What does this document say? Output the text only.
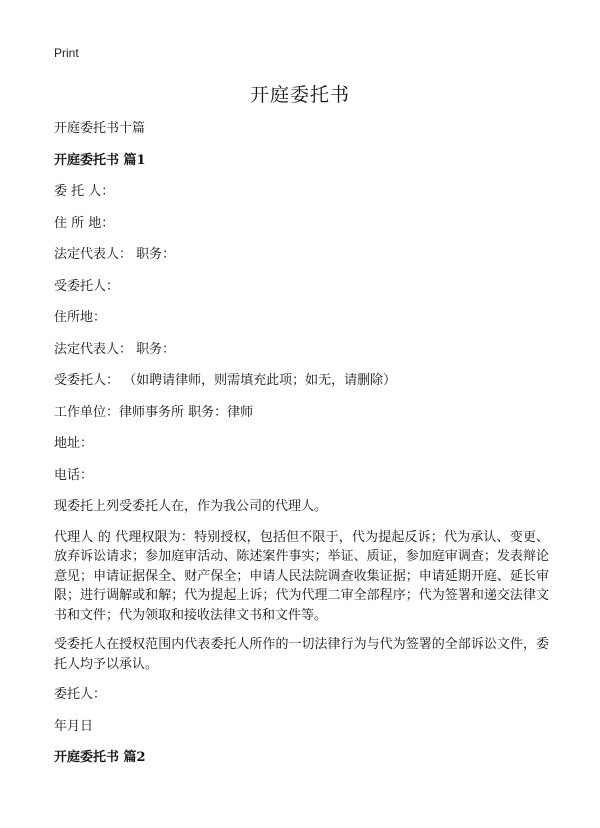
Print
开庭委托书
开庭委托书十篇
开庭委托书 篇1
委 托 人：
住 所 地：
法定代表人： 职务：
受委托人：
住所地：
法定代表人： 职务：
受委托人： （如聘请律师，则需填充此项；如无，请删除）
工作单位：律师事务所 职务：律师
地址：
电话：
现委托上列受委托人在，作为我公司的代理人。
代理人 的 代理权限为：特别授权，包括但不限于，代为提起反诉；代为承认、变更、放弃诉讼请求；参加庭审活动、陈述案件事实；举证、质证，参加庭审调查；发表辩论意见；申请证据保全、财产保全；申请人民法院调查收集证据；申请延期开庭、延长审限；进行调解或和解；代为提起上诉；代为代理二审全部程序；代为签署和递交法律文书和文件；代为领取和接收法律文书和文件等。
受委托人在授权范围内代表委托人所作的一切法律行为与代为签署的全部诉讼文件，委托人均予以承认。
委托人：
年月日
开庭委托书 篇2
